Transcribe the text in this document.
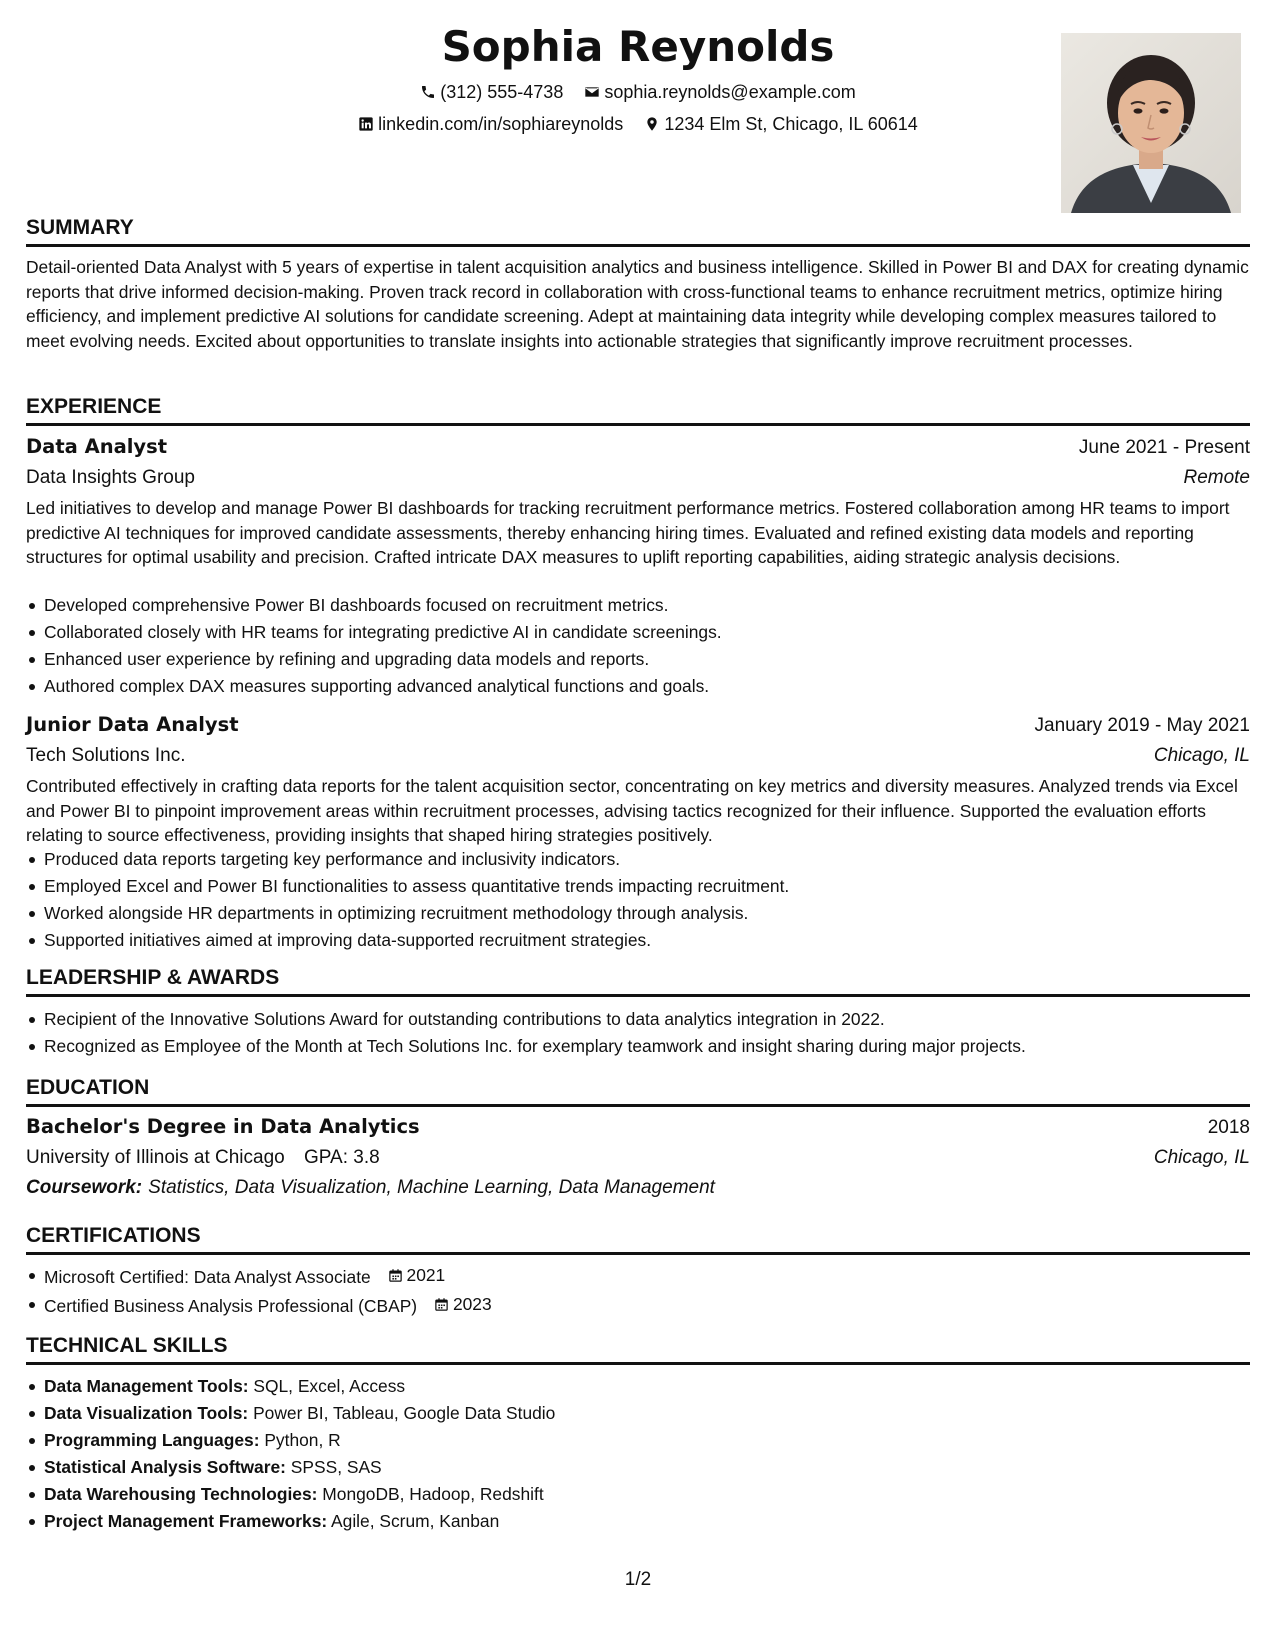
Sophia Reynolds
(312) 555-4738
sophia.reynolds@example.com
linkedin.com/in/sophiareynolds
1234 Elm St, Chicago, IL 60614
SUMMARY
Detail-oriented Data Analyst with 5 years of expertise in talent acquisition analytics and business intelligence. Skilled in Power BI and DAX for creating dynamic reports that drive informed decision-making. Proven track record in collaboration with cross-functional teams to enhance recruitment metrics, optimize hiring efficiency, and implement predictive AI solutions for candidate screening. Adept at maintaining data integrity while developing complex measures tailored to meet evolving needs. Excited about opportunities to translate insights into actionable strategies that significantly improve recruitment processes.
EXPERIENCE
Data Analyst	June 2021 - Present
Data Insights Group	Remote
Led initiatives to develop and manage Power BI dashboards for tracking recruitment performance metrics. Fostered collaboration among HR teams to import predictive AI techniques for improved candidate assessments, thereby enhancing hiring times. Evaluated and refined existing data models and reporting structures for optimal usability and precision. Crafted intricate DAX measures to uplift reporting capabilities, aiding strategic analysis decisions.
Developed comprehensive Power BI dashboards focused on recruitment metrics.
Collaborated closely with HR teams for integrating predictive AI in candidate screenings.
Enhanced user experience by refining and upgrading data models and reports.
Authored complex DAX measures supporting advanced analytical functions and goals.
Junior Data Analyst	January 2019 - May 2021
Tech Solutions Inc.	Chicago, IL
Contributed effectively in crafting data reports for the talent acquisition sector, concentrating on key metrics and diversity measures. Analyzed trends via Excel and Power BI to pinpoint improvement areas within recruitment processes, advising tactics recognized for their influence. Supported the evaluation efforts relating to source effectiveness, providing insights that shaped hiring strategies positively.
Produced data reports targeting key performance and inclusivity indicators.
Employed Excel and Power BI functionalities to assess quantitative trends impacting recruitment.
Worked alongside HR departments in optimizing recruitment methodology through analysis.
Supported initiatives aimed at improving data-supported recruitment strategies.
LEADERSHIP & AWARDS
Recipient of the Innovative Solutions Award for outstanding contributions to data analytics integration in 2022.
Recognized as Employee of the Month at Tech Solutions Inc. for exemplary teamwork and insight sharing during major projects.
EDUCATION
Bachelor's Degree in Data Analytics	2018
University of Illinois at Chicago GPA: 3.8	Chicago, IL
Coursework: Statistics, Data Visualization, Machine Learning, Data Management
CERTIFICATIONS
Microsoft Certified: Data Analyst Associate 2021
Certified Business Analysis Professional (CBAP) 2023
TECHNICAL SKILLS
Data Management Tools: SQL, Excel, Access
Data Visualization Tools: Power BI, Tableau, Google Data Studio
Programming Languages: Python, R
Statistical Analysis Software: SPSS, SAS
Data Warehousing Technologies: MongoDB, Hadoop, Redshift
Project Management Frameworks: Agile, Scrum, Kanban
1/2
